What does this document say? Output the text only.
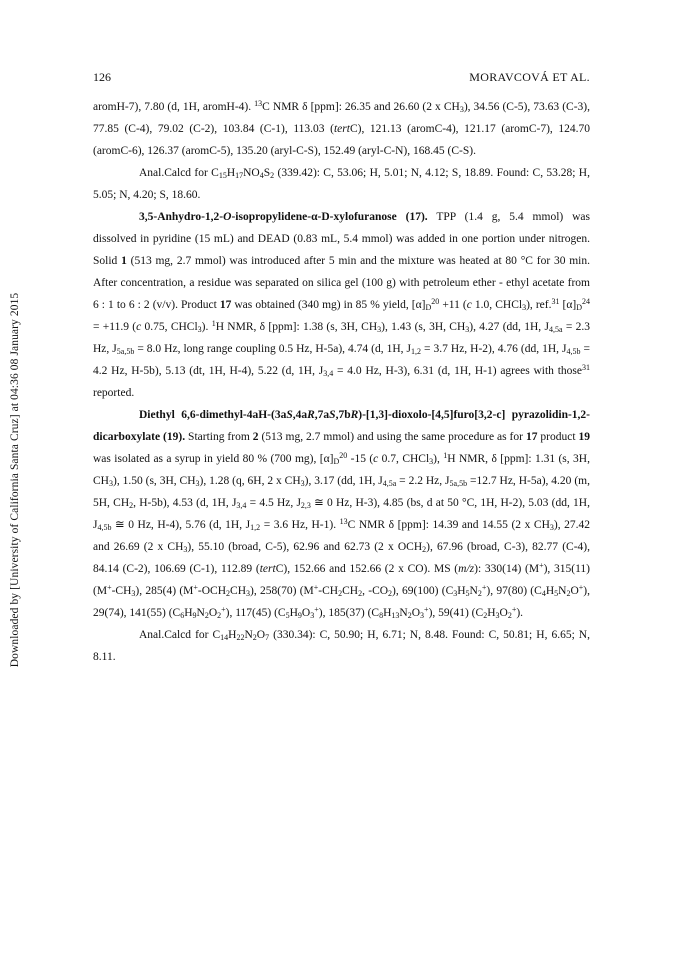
Downloaded by [University of California Santa Cruz] at 04:36 08 January 2015
126	MORAVCOVÁ ET AL.

aromH-7), 7.80 (d, 1H, aromH-4). $^{13}$C NMR δ [ppm]: 26.35 and 26.60 (2 x $CH_3$), 34.56 (C-5), 73.63 (C-3), 77.85 (C-4), 79.02 (C-2), 103.84 (C-1), 113.03 (tertC), 121.13 (aromC-4), 121.17 (aromC-7), 124.70 (aromC-6), 126.37 (aromC-5), 135.20 (aryl-C-S), 152.49 (aryl-C-N), 168.45 (C-S).

Anal.Calcd for $C_{15}H_{17}NO_4S_2$ (339.42): C, 53.06; H, 5.01; N, 4.12; S, 18.89. Found: C, 53.28; H, 5.05; N, 4.20; S, 18.60.

3,5-Anhydro-1,2-O-isopropylidene-α-D-xylofuranose (17). TPP (1.4 g, 5.4 mmol) was dissolved in pyridine (15 mL) and DEAD (0.83 mL, 5.4 mmol) was added in one portion under nitrogen. Solid 1 (513 mg, 2.7 mmol) was introduced after 5 min and the mixture was heated at 80 °C for 30 min. After concentration, a residue was separated on silica gel (100 g) with petroleum ether - ethyl acetate from 6 : 1 to 6 : 2 (v/v). Product 17 was obtained (340 mg) in 85 % yield, $[\alpha]_D^{20} +11$ (c 1.0, CHCl$_3$), ref.$^{31}$ $[\alpha]_D^{24} = +11.9$ (c 0.75, CHCl$_3$). $^1$H NMR, δ [ppm]: 1.38 (s, 3H, $CH_3$), 1.43 (s, 3H, $CH_3$), 4.27 (dd, 1H, $J_{4,5a} = 2.3$ Hz, $J_{5a,5b} = 8.0$ Hz, long range coupling 0.5 Hz, H-5a), 4.74 (d, 1H, $J_{1,2} = 3.7$ Hz, H-2), 4.76 (dd, 1H, $J_{4,5b} = 4.2$ Hz, H-5b), 5.13 (dt, 1H, H-4), 5.22 (d, 1H, $J_{3,4} = 4.0$ Hz, H-3), 6.31 (d, 1H, H-1) agrees with those$^{31}$ reported.

Diethyl 6,6-dimethyl-4aH-(3aS,4aR,7aS,7bR)-[1,3]-dioxolo-[4,5]furo[3,2-c] pyrazolidin-1,2-dicarboxylate (19). Starting from 2 (513 mg, 2.7 mmol) and using the same procedure as for 17 product 19 was isolated as a syrup in yield 80 % (700 mg), $[\alpha]_D^{20}$ -15 (c 0.7, CHCl$_3$), $^1$H NMR, δ [ppm]: 1.31 (s, 3H, $CH_3$), 1.50 (s, 3H, $CH_3$), 1.28 (q, 6H, 2 x $CH_3$), 3.17 (dd, 1H, $J_{4,5a} = 2.2$ Hz, $J_{5a,5b} =12.7$ Hz, H-5a), 4.20 (m, 5H, $CH_2$, H-5b), 4.53 (d, 1H, $J_{3,4} = 4.5$ Hz, $J_{2,3}$ ≅ 0 Hz, H-3), 4.85 (bs, d at 50 °C, 1H, H-2), 5.03 (dd, 1H, $J_{4,5b}$ ≅ 0 Hz, H-4), 5.76 (d, 1H, $J_{1,2} = 3.6$ Hz, H-1). $^{13}$C NMR δ [ppm]: 14.39 and 14.55 (2 x $CH_3$), 27.42 and 26.69 (2 x $CH_3$), 55.10 (broad, C-5), 62.96 and 62.73 (2 x $OCH_2$), 67.96 (broad, C-3), 82.77 (C-4), 84.14 (C-2), 106.69 (C-1), 112.89 (tertC), 152.66 and 152.66 (2 x CO). MS (m/z): 330(14) (M+), 315(11) $(M^+-CH_3)$, 285(4) $(M^+-OCH_2CH_3)$, 258(70) ($M^+-CH_2CH_2$, $-CO_2$), 69(100) $(C_3H_5N_2^+)$, 97(80) $(C_4H_5N_2O^+)$, 29(74), 141(55) $(C_6H_9N_2O_2^+)$, 117(45) $(C_5H_9O_3^+)$, 185(37) $(C_8H_{13}N_2O_3^+)$, 59(41) $(C_2H_3O_2^+)$.

Anal.Calcd for $C_{14}H_{22}N_2O_7$ (330.34): C, 50.90; H, 6.71; N, 8.48. Found: C, 50.81; H, 6.65; N, 8.11.
